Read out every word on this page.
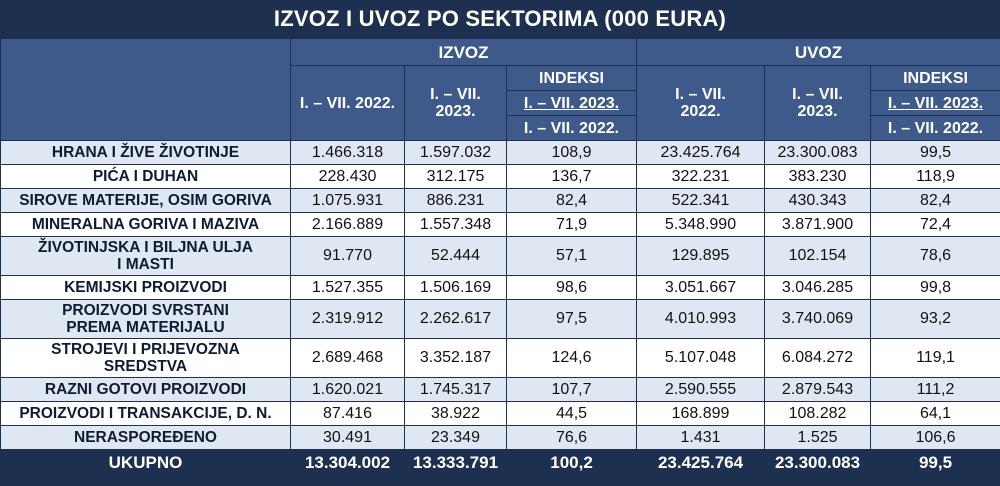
IZVOZ I UVOZ PO SEKTORIMA (000 EURA)
	IZVOZ			UVOZ		
	I. – VII. 2022.	I. – VII. 2023.	INDEKSI	I. – VII. 2022.	I. – VII. 2023.	INDEKSI
			I. – VII. 2023.			I. – VII. 2023.
			I. – VII. 2022.			I. – VII. 2022.
HRANA I ŽIVE ŽIVOTINJE	1.466.318	1.597.032	108,9	23.425.764	23.300.083	99,5
PIĆA I DUHAN	228.430	312.175	136,7	322.231	383.230	118,9
SIROVE MATERIJE, OSIM GORIVA	1.075.931	886.231	82,4	522.341	430.343	82,4
MINERALNA GORIVA I MAZIVA	2.166.889	1.557.348	71,9	5.348.990	3.871.900	72,4
ŽIVOTINJSKA I BILJNA ULJA I MASTI	91.770	52.444	57,1	129.895	102.154	78,6
KEMIJSKI PROIZVODI	1.527.355	1.506.169	98,6	3.051.667	3.046.285	99,8
PROIZVODI SVRSTANI PREMA MATERIJALU	2.319.912	2.262.617	97,5	4.010.993	3.740.069	93,2
STROJEVI I PRIJEVOZNA SREDSTVA	2.689.468	3.352.187	124,6	5.107.048	6.084.272	119,1
RAZNI GOTOVI PROIZVODI	1.620.021	1.745.317	107,7	2.590.555	2.879.543	111,2
PROIZVODI I TRANSAKCIJE, D. N.	87.416	38.922	44,5	168.899	108.282	64,1
NERASPOREĐENO	30.491	23.349	76,6	1.431	1.525	106,6
UKUPNO	13.304.002	13.333.791	100,2	23.425.764	23.300.083	99,5
